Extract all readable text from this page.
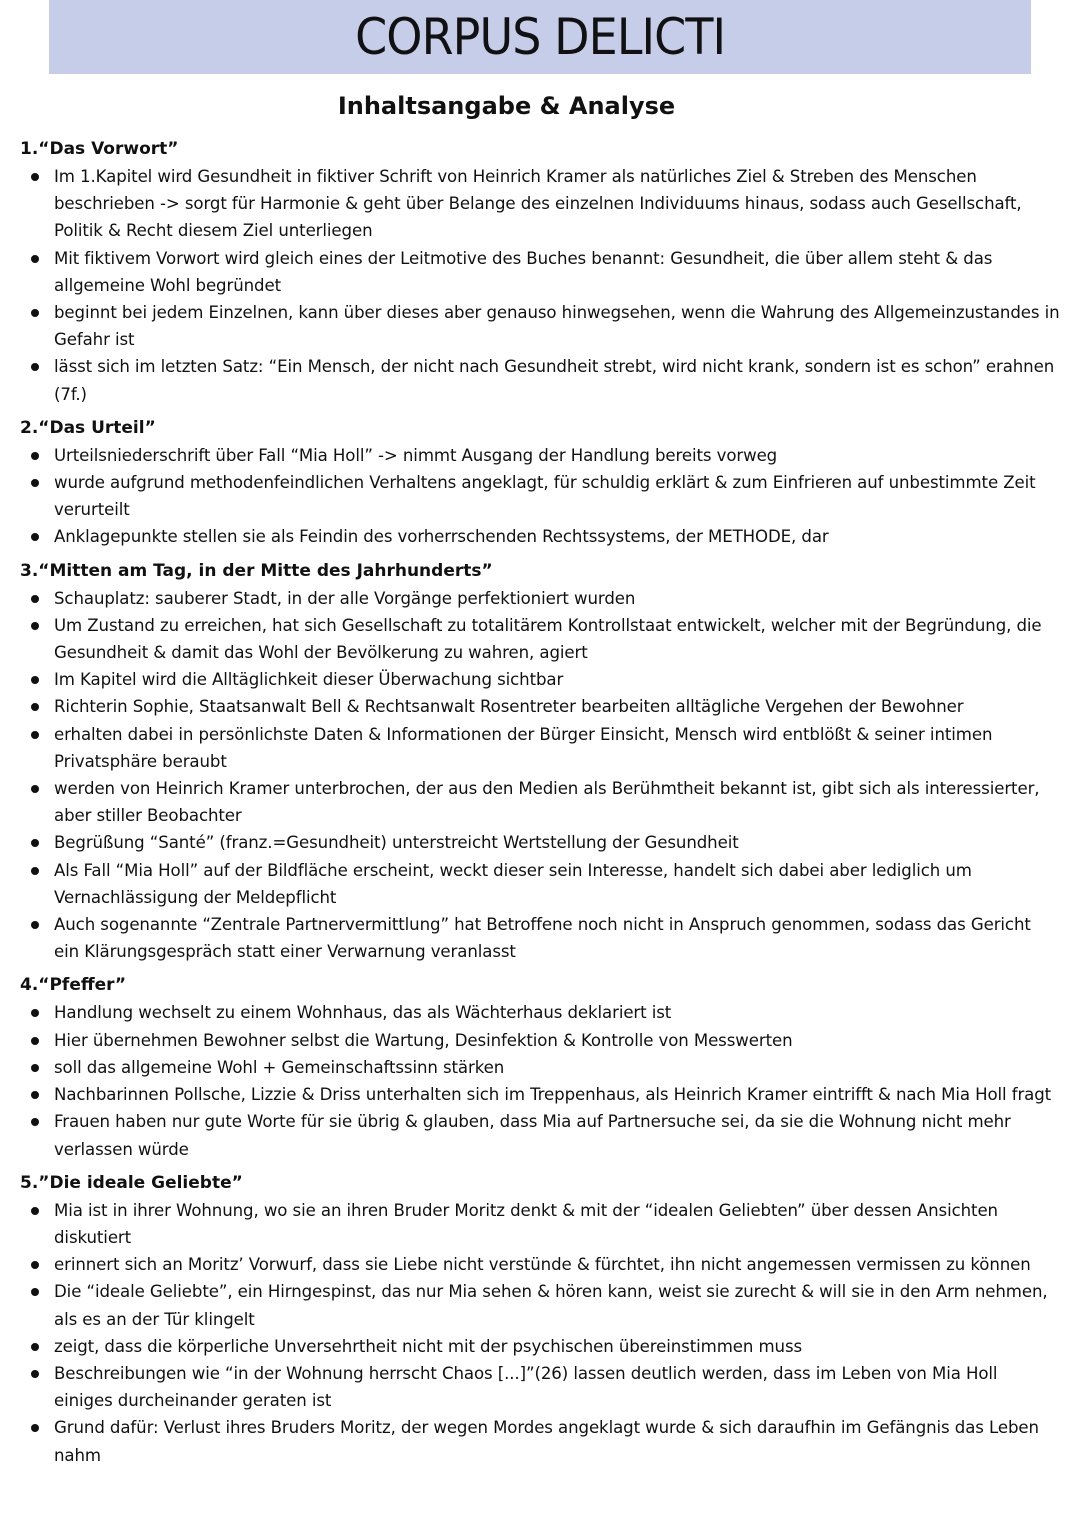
CORPUS DELICTI
Inhaltsangabe & Analyse
1.“Das Vorwort”
Im 1.Kapitel wird Gesundheit in fiktiver Schrift von Heinrich Kramer als natürliches Ziel & Streben des Menschen beschrieben -> sorgt für Harmonie & geht über Belange des einzelnen Individuums hinaus, sodass auch Gesellschaft, Politik & Recht diesem Ziel unterliegen
Mit fiktivem Vorwort wird gleich eines der Leitmotive des Buches benannt: Gesundheit, die über allem steht & das allgemeine Wohl begründet
beginnt bei jedem Einzelnen, kann über dieses aber genauso hinwegsehen, wenn die Wahrung des Allgemeinzustandes in Gefahr ist
lässt sich im letzten Satz: “Ein Mensch, der nicht nach Gesundheit strebt, wird nicht krank, sondern ist es schon” erahnen (7f.)
2.“Das Urteil”
Urteilsniederschrift über Fall “Mia Holl” -> nimmt Ausgang der Handlung bereits vorweg
wurde aufgrund methodenfeindlichen Verhaltens angeklagt, für schuldig erklärt & zum Einfrieren auf unbestimmte Zeit verurteilt
Anklagepunkte stellen sie als Feindin des vorherrschenden Rechtssystems, der METHODE, dar
3.“Mitten am Tag, in der Mitte des Jahrhunderts”
Schauplatz: sauberer Stadt, in der alle Vorgänge perfektioniert wurden
Um Zustand zu erreichen, hat sich Gesellschaft zu totalitärem Kontrollstaat entwickelt, welcher mit der Begründung, die Gesundheit & damit das Wohl der Bevölkerung zu wahren, agiert
Im Kapitel wird die Alltäglichkeit dieser Überwachung sichtbar
Richterin Sophie, Staatsanwalt Bell & Rechtsanwalt Rosentreter bearbeiten alltägliche Vergehen der Bewohner
erhalten dabei in persönlichste Daten & Informationen der Bürger Einsicht, Mensch wird entblößt & seiner intimen Privatsphäre beraubt
werden von Heinrich Kramer unterbrochen, der aus den Medien als Berühmtheit bekannt ist, gibt sich als interessierter, aber stiller Beobachter
Begrüßung “Santé” (franz.=Gesundheit) unterstreicht Wertstellung der Gesundheit
Als Fall “Mia Holl” auf der Bildfläche erscheint, weckt dieser sein Interesse, handelt sich dabei aber lediglich um Vernachlässigung der Meldepflicht
Auch sogenannte “Zentrale Partnervermittlung” hat Betroffene noch nicht in Anspruch genommen, sodass das Gericht ein Klärungsgespräch statt einer Verwarnung veranlasst
4.“Pfeffer”
Handlung wechselt zu einem Wohnhaus, das als Wächterhaus deklariert ist
Hier übernehmen Bewohner selbst die Wartung, Desinfektion & Kontrolle von Messwerten
soll das allgemeine Wohl + Gemeinschaftssinn stärken
Nachbarinnen Pollsche, Lizzie & Driss unterhalten sich im Treppenhaus, als Heinrich Kramer eintrifft & nach Mia Holl fragt
Frauen haben nur gute Worte für sie übrig & glauben, dass Mia auf Partnersuche sei, da sie die Wohnung nicht mehr verlassen würde
5.”Die ideale Geliebte”
Mia ist in ihrer Wohnung, wo sie an ihren Bruder Moritz denkt & mit der “idealen Geliebten” über dessen Ansichten diskutiert
erinnert sich an Moritz’ Vorwurf, dass sie Liebe nicht verstünde & fürchtet, ihn nicht angemessen vermissen zu können
Die “ideale Geliebte”, ein Hirngespinst, das nur Mia sehen & hören kann, weist sie zurecht & will sie in den Arm nehmen, als es an der Tür klingelt
zeigt, dass die körperliche Unversehrtheit nicht mit der psychischen übereinstimmen muss
Beschreibungen wie “in der Wohnung herrscht Chaos [...]”(26) lassen deutlich werden, dass im Leben von Mia Holl einiges durcheinander geraten ist
Grund dafür: Verlust ihres Bruders Moritz, der wegen Mordes angeklagt wurde & sich daraufhin im Gefängnis das Leben nahm
